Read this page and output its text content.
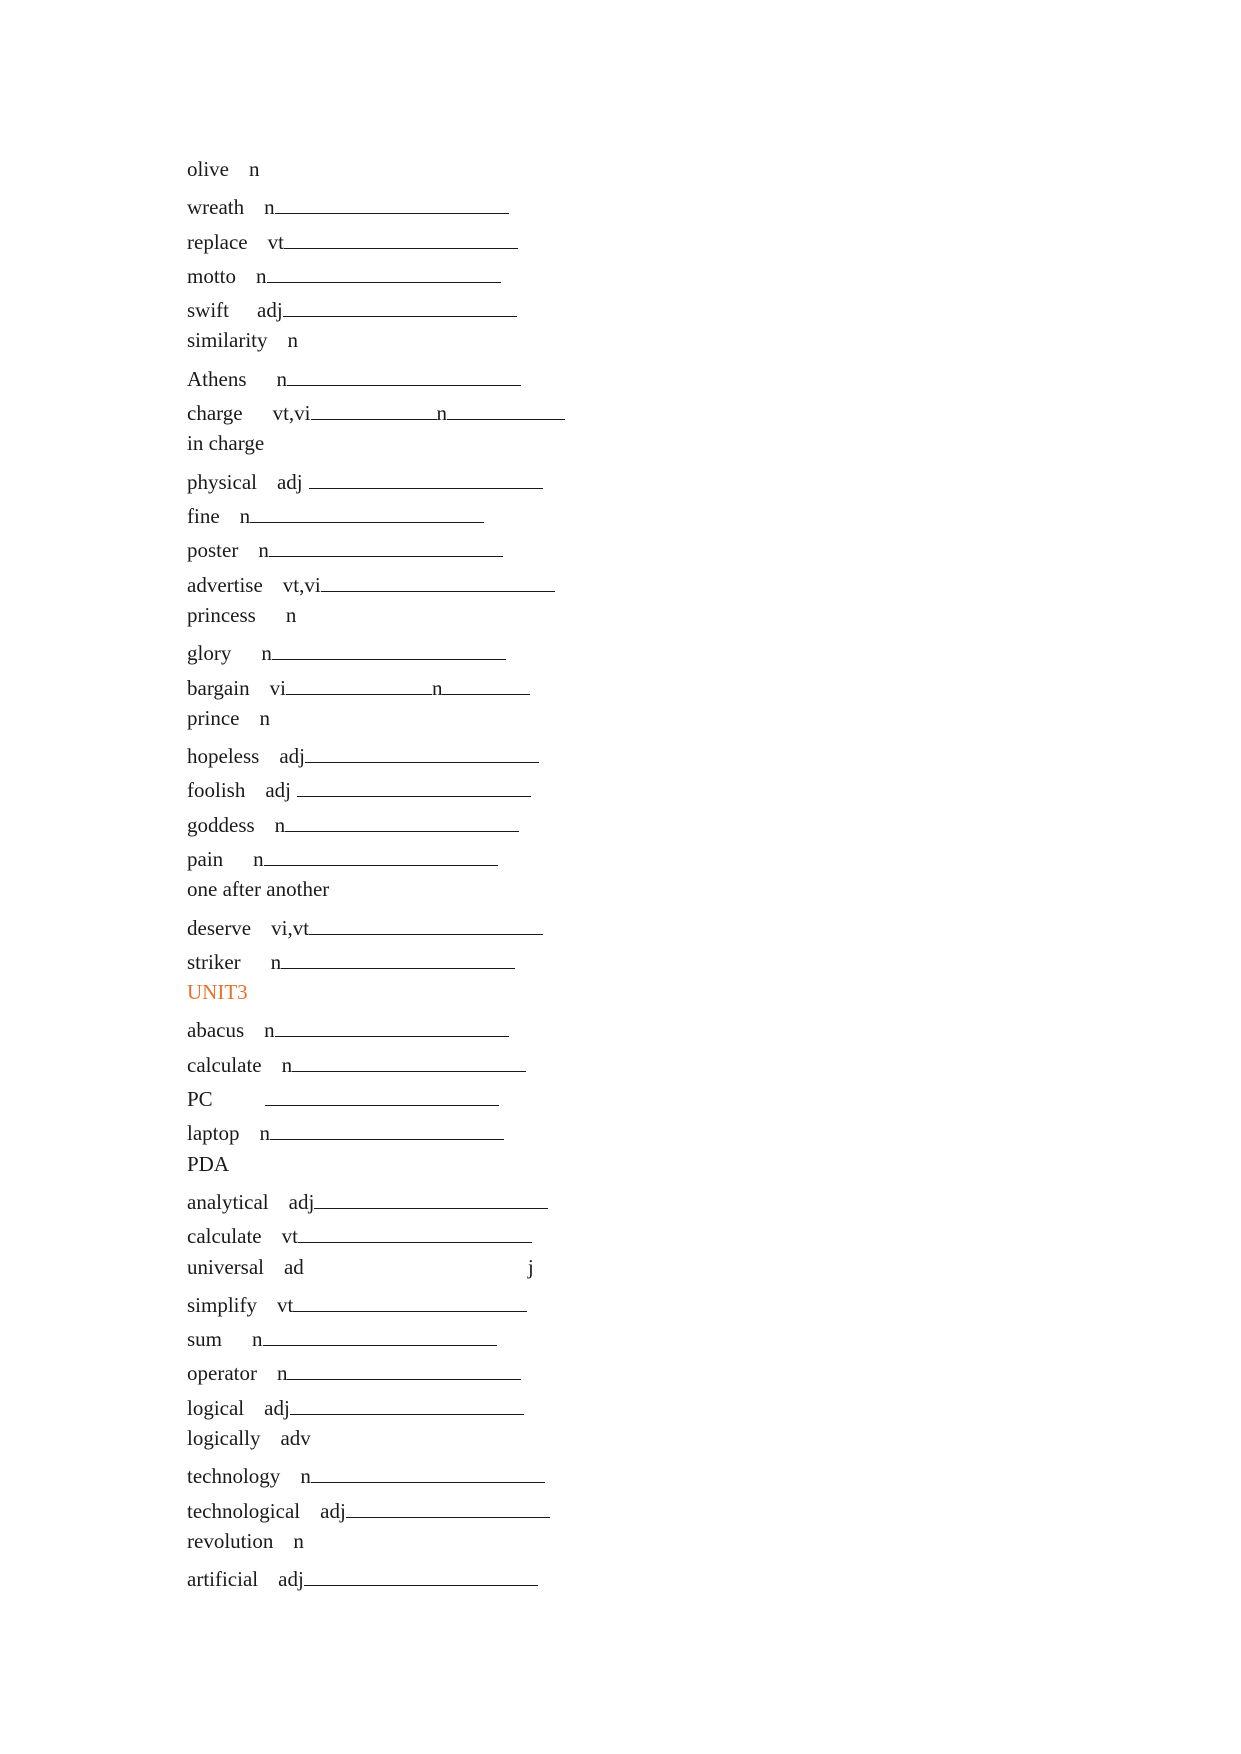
olive n
wreath n
replace vt
motto n
swift adj
similarity n
Athens n
charge vt,vi	n
in charge
physical adj
fine n
poster n
advertise vt,vi
princess n
glory n
bargain vi	n
prince n
hopeless adj
foolish adj
goddess n
pain n
one after another
deserve vi,vt
striker n
UNIT3
abacus n
calculate n
PC
laptop n
PDA
analytical adj
calculate vt
universal ad	j
simplify vt
sum n
operator n
logical adj
logically adv
technology n
technological adj
revolution n
artificial adj
